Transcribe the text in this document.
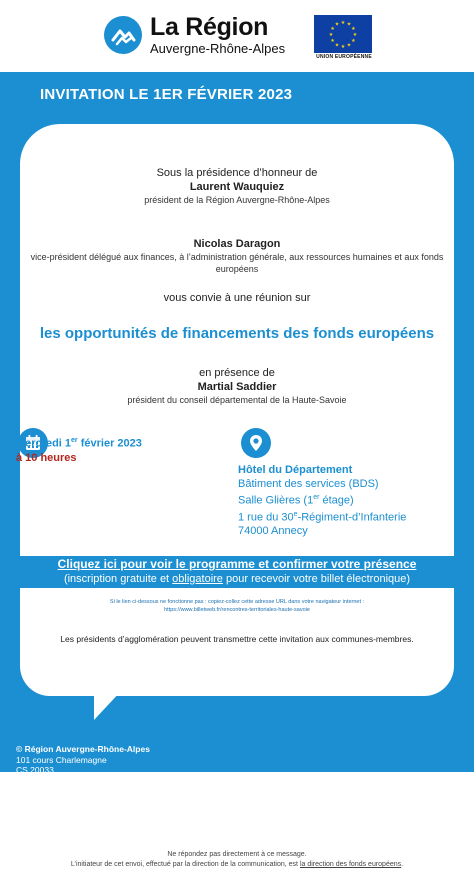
La Région
Auvergne-Rhône-Alpes
★ ★
★
★
★
★
★
★
★
★
★
★
UNION EUROPÉENNE
INVITATION LE 1ER FÉVRIER 2023
Sous la présidence d’honneur de
Laurent Wauquiez
président de la Région Auvergne-Rhône-Alpes
Nicolas Daragon
vice-président délégué aux finances, à l’administration générale, aux ressources humaines et aux fonds
européens
vous convie à une réunion sur
les opportunités de financements des fonds européens
en présence de
Martial Saddier
président du conseil départemental de la Haute-Savoie
Mercredi 1er février 2023
à 10 heures
Hôtel du Département
Bâtiment des services (BDS)
Salle Glières (1er étage)
1 rue du 30e-Régiment-d’Infanterie
74000 Annecy
Cliquez ici pour voir le programme et confirmer votre présence
(inscription gratuite et obligatoire pour recevoir votre billet électronique)
Si le lien ci-dessous ne fonctionne pas : copiez-collez cette adresse URL dans votre navigateur internet :
https://www.billetweb.fr/rencontres-territoriales-haute-savoie
Les présidents d’agglomération peuvent transmettre cette invitation aux communes-membres.
© Région Auvergne-Rhône-Alpes
101 cours Charlemagne
CS 20033
69269 LYON CEDEX 02
Ne répondez pas directement à ce message.
L’initiateur de cet envoi, effectué par la direction de la communication, est la direction des fonds européens.
